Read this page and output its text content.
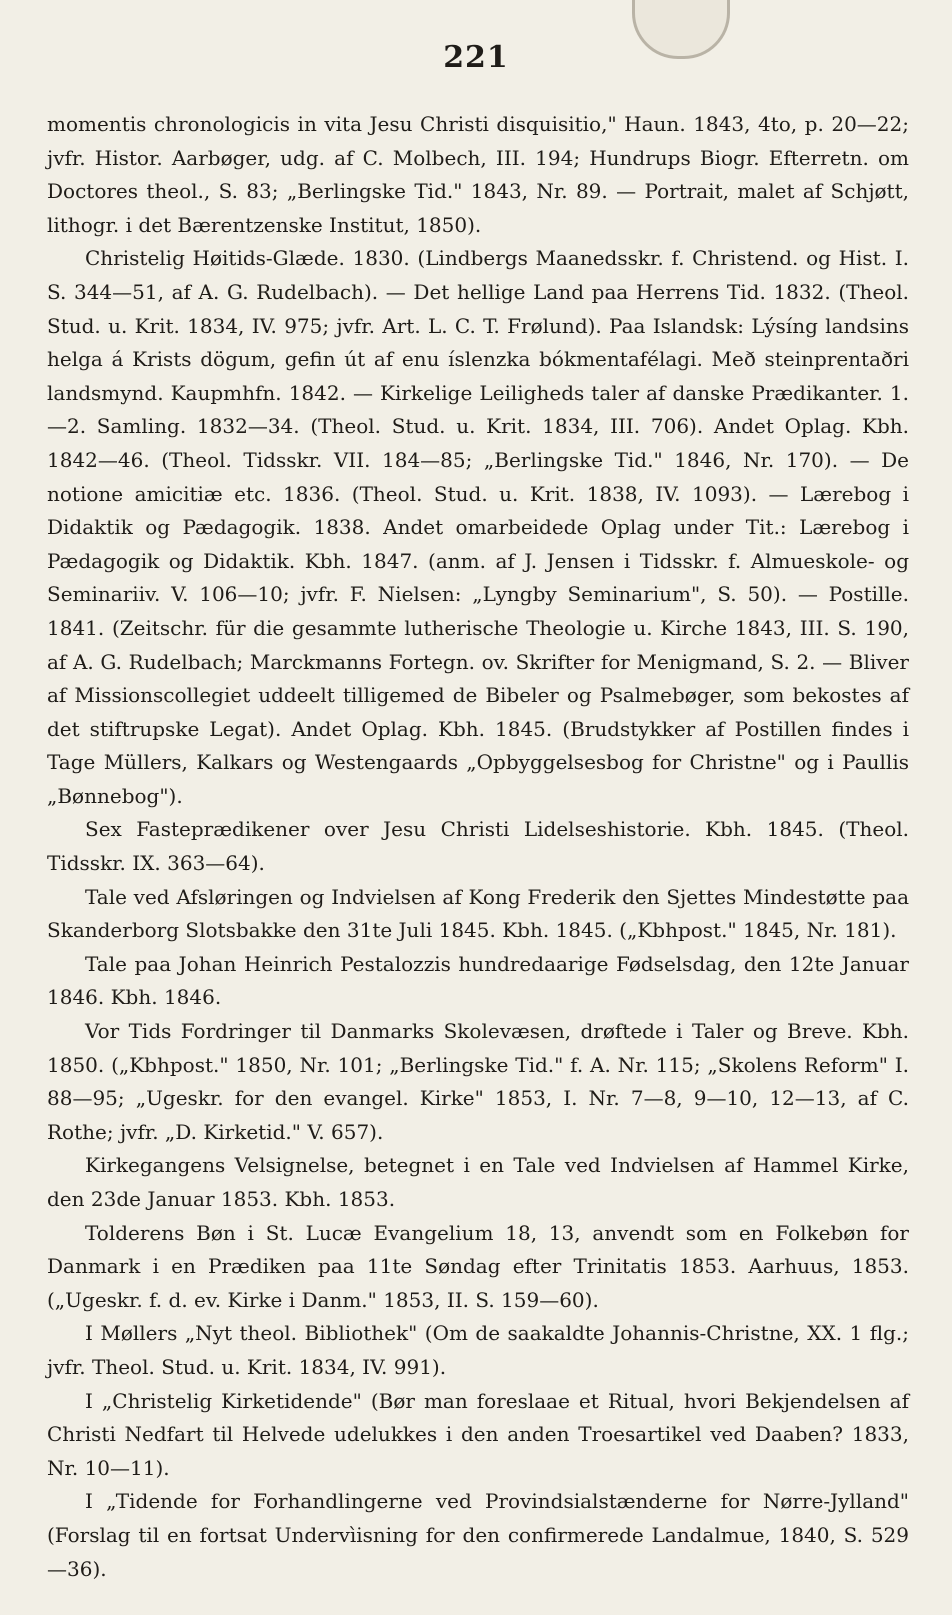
221

momentis chronologicis in vita Jesu Christi disquisitio," Haun. 1843, 4to, p. 20—22; jvfr. Histor. Aarbøger, udg. af C. Molbech, III. 194; Hundrups Biogr. Efterretn. om Doctores theol., S. 83; „Berlingske Tid." 1843, Nr. 89. — Portrait, malet af Schjøtt, lithogr. i det Bærentzenske Institut, 1850).

Christelig Høitids-Glæde. 1830. (Lindbergs Maanedsskr. f. Christend. og Hist. I. S. 344—51, af A. G. Rudelbach). — Det hellige Land paa Herrens Tid. 1832. (Theol. Stud. u. Krit. 1834, IV. 975; jvfr. Art. L. C. T. Frølund). Paa Islandsk: Lýsíng landsins helga á Krists dögum, gefin út af enu íslenzka bókmentafélagi. Með steinprentaðri landsmynd. Kaupmhfn. 1842. — Kirkelige Leiligheds taler af danske Prædikanter. 1.—2. Samling. 1832—34. (Theol. Stud. u. Krit. 1834, III. 706). Andet Oplag. Kbh. 1842—46. (Theol. Tidsskr. VII. 184—85; „Berlingske Tid." 1846, Nr. 170). — De notione amicitiæ etc. 1836. (Theol. Stud. u. Krit. 1838, IV. 1093). — Lærebog i Didaktik og Pædagogik. 1838. Andet omarbeidede Oplag under Tit.: Lærebog i Pædagogik og Didaktik. Kbh. 1847. (anm. af J. Jensen i Tidsskr. f. Almueskole- og Seminariiv. V. 106—10; jvfr. F. Nielsen: „Lyngby Seminarium", S. 50). — Postille. 1841. (Zeitschr. für die gesammte lutherische Theologie u. Kirche 1843, III. S. 190, af A. G. Rudelbach; Marckmanns Fortegn. ov. Skrifter for Menigmand, S. 2. — Bliver af Missionscollegiet uddeelt tilligemed de Bibeler og Psalmebøger, som bekostes af det stiftrupske Legat). Andet Oplag. Kbh. 1845. (Brudstykker af Postillen findes i Tage Müllers, Kalkars og Westengaards „Opbyggelsesbog for Christne" og i Paullis „Bønnebog").

Sex Fasteprædikener over Jesu Christi Lidelseshistorie. Kbh. 1845. (Theol. Tidsskr. IX. 363—64).

Tale ved Afsløringen og Indvielsen af Kong Frederik den Sjettes Mindestøtte paa Skanderborg Slotsbakke den 31te Juli 1845. Kbh. 1845. („Kbhpost." 1845, Nr. 181).

Tale paa Johan Heinrich Pestalozzis hundredaarige Fødselsdag, den 12te Januar 1846. Kbh. 1846.

Vor Tids Fordringer til Danmarks Skolevæsen, drøftede i Taler og Breve. Kbh. 1850. („Kbhpost." 1850, Nr. 101; „Berlingske Tid." f. A. Nr. 115; „Skolens Reform" I. 88—95; „Ugeskr. for den evangel. Kirke" 1853, I. Nr. 7—8, 9—10, 12—13, af C. Rothe; jvfr. „D. Kirketid." V. 657).

Kirkegangens Velsignelse, betegnet i en Tale ved Indvielsen af Hammel Kirke, den 23de Januar 1853. Kbh. 1853.

Tolderens Bøn i St. Lucæ Evangelium 18, 13, anvendt som en Folkebøn for Danmark i en Prædiken paa 11te Søndag efter Trinitatis 1853. Aarhuus, 1853. („Ugeskr. f. d. ev. Kirke i Danm." 1853, II. S. 159—60).

I Møllers „Nyt theol. Bibliothek" (Om de saakaldte Johannis-Christne, XX. 1 flg.; jvfr. Theol. Stud. u. Krit. 1834, IV. 991).

I „Christelig Kirketidende" (Bør man foreslaae et Ritual, hvori Bekjendelsen af Christi Nedfart til Helvede udelukkes i den anden Troesartikel ved Daaben? 1833, Nr. 10—11).

I „Tidende for Forhandlingerne ved Provindsialstænderne for Nørre-Jylland" (Forslag til en fortsat Undervìisning for den confirmerede Landalmue, 1840, S. 529—36).
